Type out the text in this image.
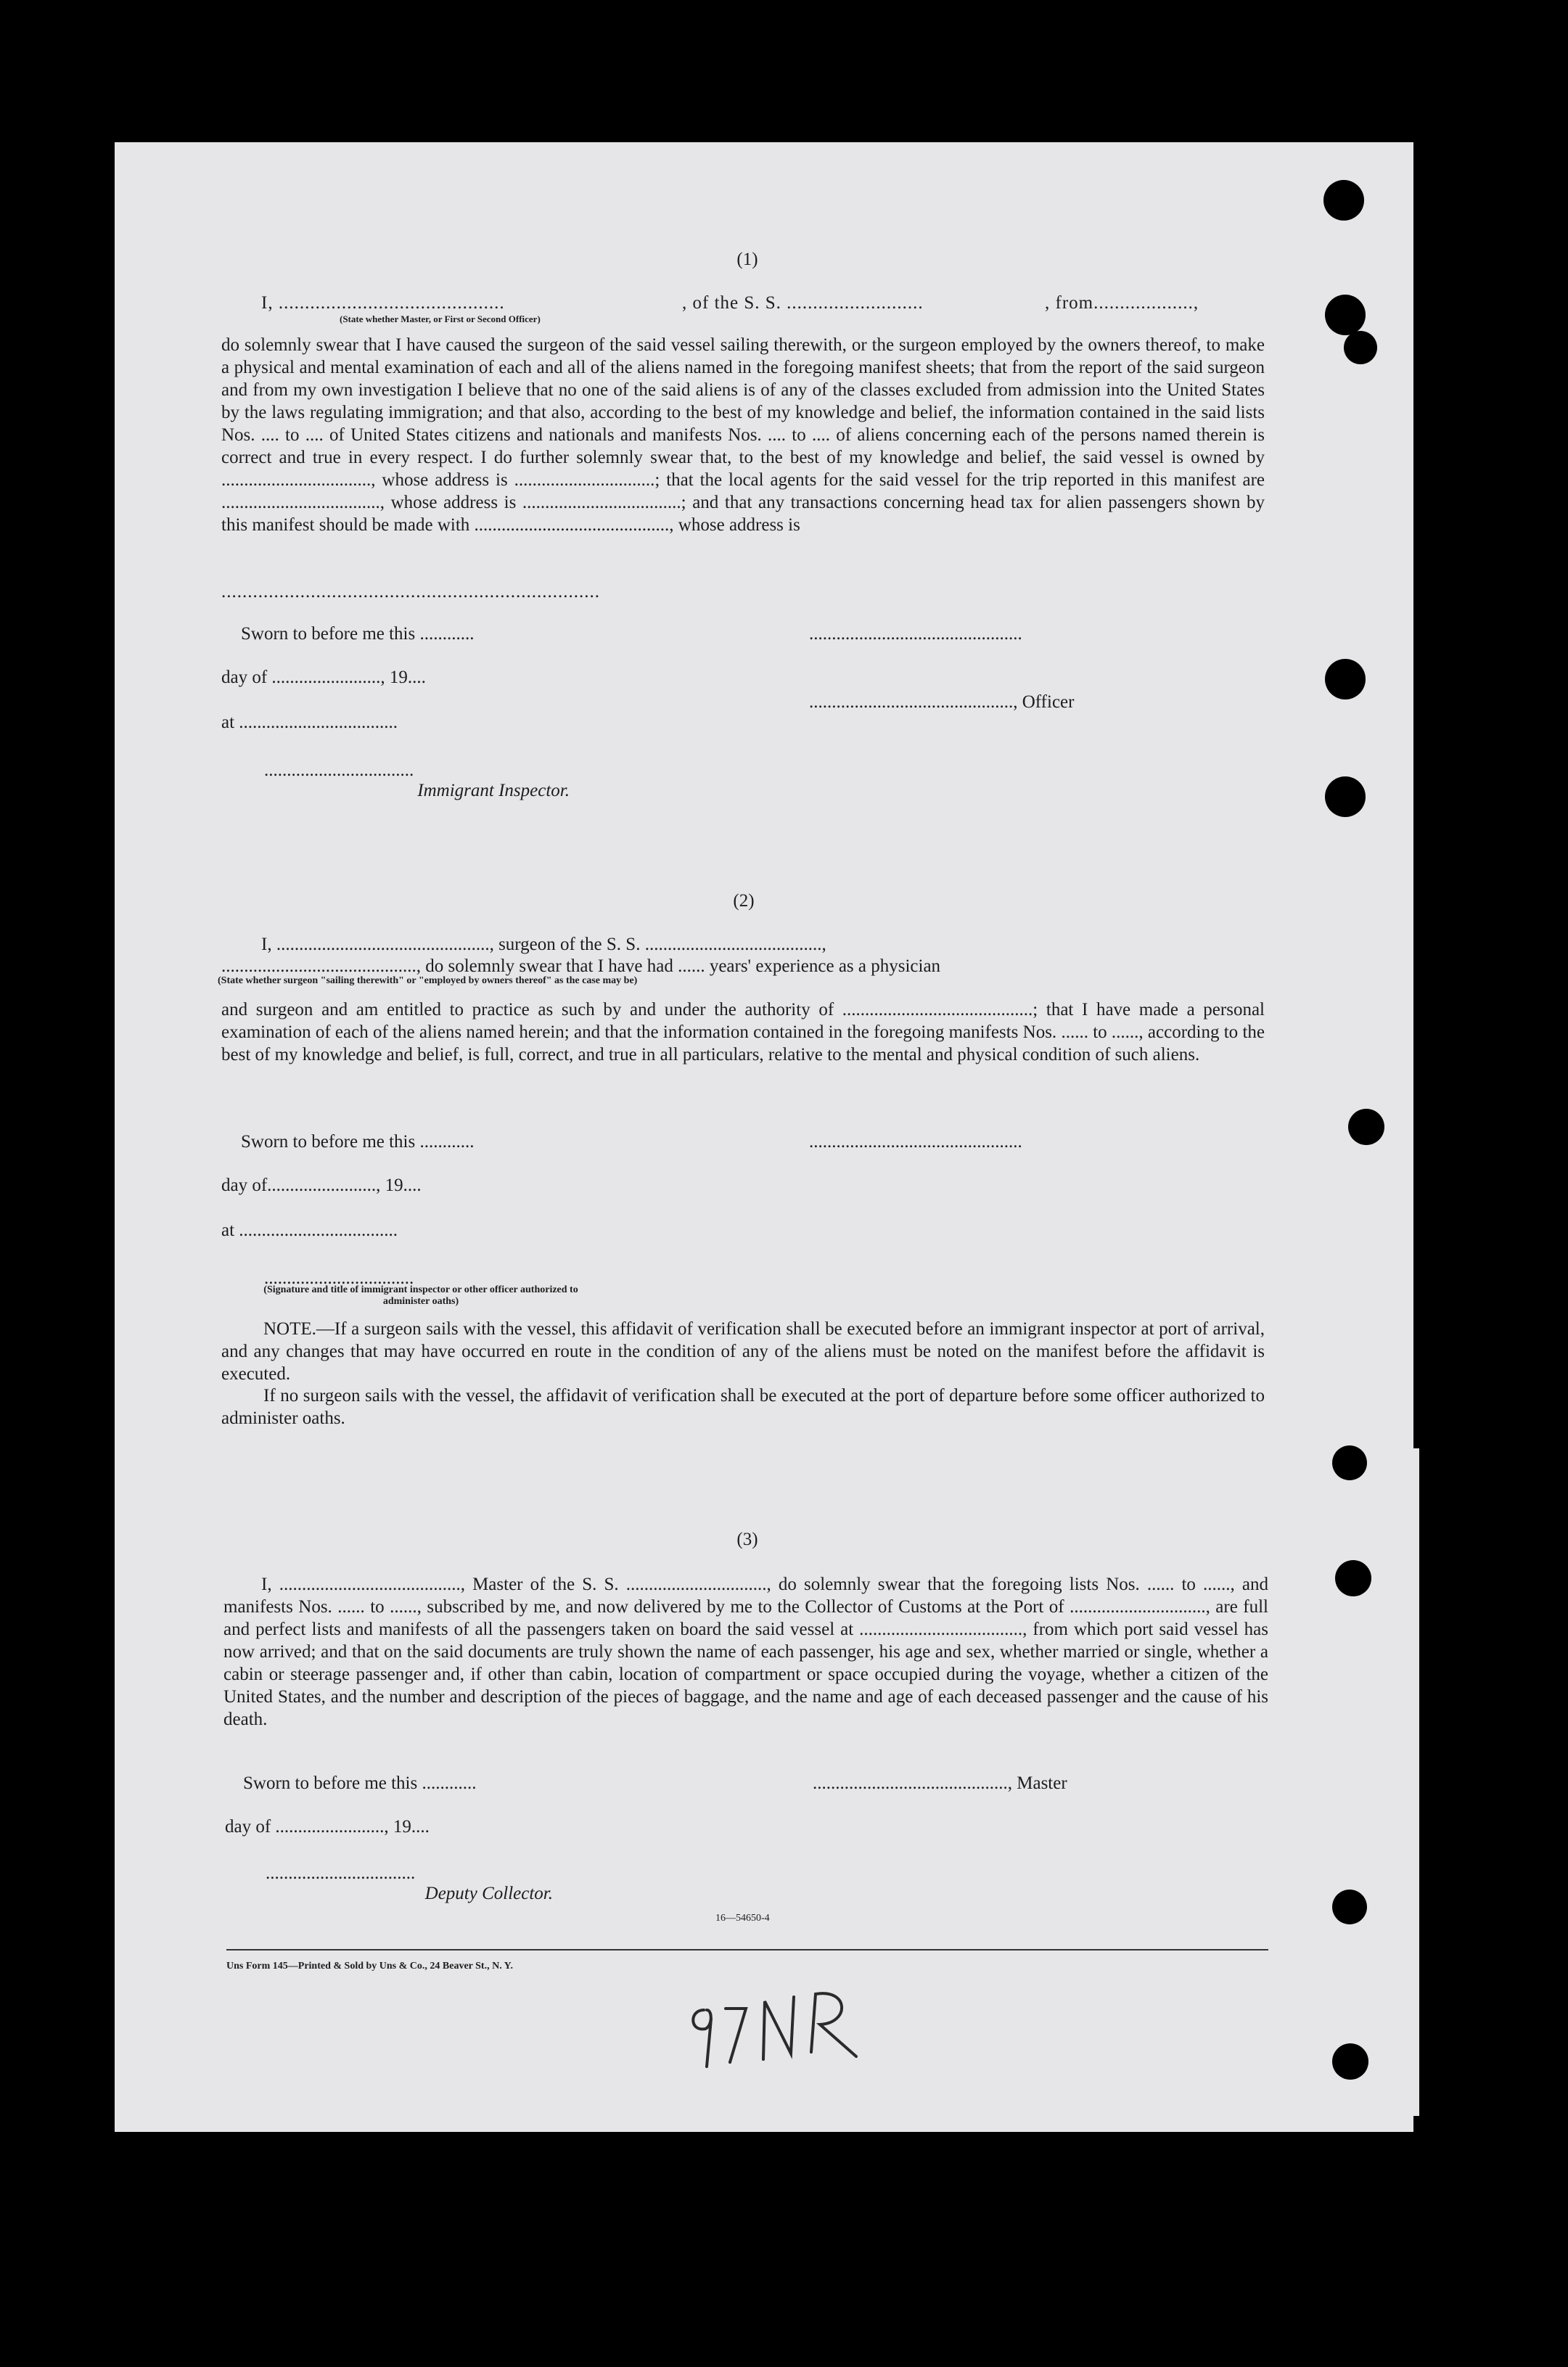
(1)
I, ...........................................	, of the S. S. ..........................	, from...................,
(State whether Master, or First or Second Officer)
do solemnly swear that I have caused the surgeon of the said vessel sailing therewith, or the surgeon employed by the owners thereof, to make a physical and mental examination of each and all of the aliens named in the foregoing manifest sheets; that from the report of the said surgeon and from my own investigation I believe that no one of the said aliens is of any of the classes excluded from admission into the United States by the laws regulating immigration; and that also, according to the best of my knowledge and belief, the information contained in the said lists Nos. .... to .... of United States citizens and nationals and manifests Nos. .... to .... of aliens concerning each of the persons named therein is correct and true in every respect. I do further solemnly swear that, to the best of my knowledge and belief, the said vessel is owned by ................................., whose address is ...............................; that the local agents for the said vessel for the trip reported in this manifest are ..................................., whose address is ...................................; and that any transactions concerning head tax for alien passengers shown by this manifest should be made with ..........................................., whose address is
........................................................................
Sworn to before me this ............	...............................................
day of ........................, 19....
............................................., Officer
at ...................................
.................................
Immigrant Inspector.
(2)
I, ..............................................., surgeon of the S. S. .......................................,
..........................................., do solemnly swear that I have had ...... years' experience as a physician
(State whether surgeon "sailing therewith" or "employed by owners thereof" as the case may be)
and surgeon and am entitled to practice as such by and under the authority of ..........................................; that I have made a personal examination of each of the aliens named herein; and that the information contained in the foregoing manifests Nos. ...... to ......, according to the best of my knowledge and belief, is full, correct, and true in all particulars, relative to the mental and physical condition of such aliens.
Sworn to before me this ............	...............................................
day of........................, 19....
at ...................................
.................................
(Signature and title of immigrant inspector or other officer authorized to administer oaths)
NOTE.—If a surgeon sails with the vessel, this affidavit of verification shall be executed before an immigrant inspector at port of arrival, and any changes that may have occurred en route in the condition of any of the aliens must be noted on the manifest before the affidavit is executed.
If no surgeon sails with the vessel, the affidavit of verification shall be executed at the port of departure before some officer authorized to administer oaths.
(3)
I, ........................................, Master of the S. S. ..............................., do solemnly swear that the foregoing lists Nos. ...... to ......, and manifests Nos. ...... to ......, subscribed by me, and now delivered by me to the Collector of Customs at the Port of .............................., are full and perfect lists and manifests of all the passengers taken on board the said vessel at ...................................., from which port said vessel has now arrived; and that on the said documents are truly shown the name of each passenger, his age and sex, whether married or single, whether a cabin or steerage passenger and, if other than cabin, location of compartment or space occupied during the voyage, whether a citizen of the United States, and the number and description of the pieces of baggage, and the name and age of each deceased passenger and the cause of his death.
Sworn to before me this ............	..........................................., Master
day of ........................, 19....
.................................
Deputy Collector.
16—54650-4
Uns Form 145—Printed & Sold by Uns & Co., 24 Beaver St., N. Y.
